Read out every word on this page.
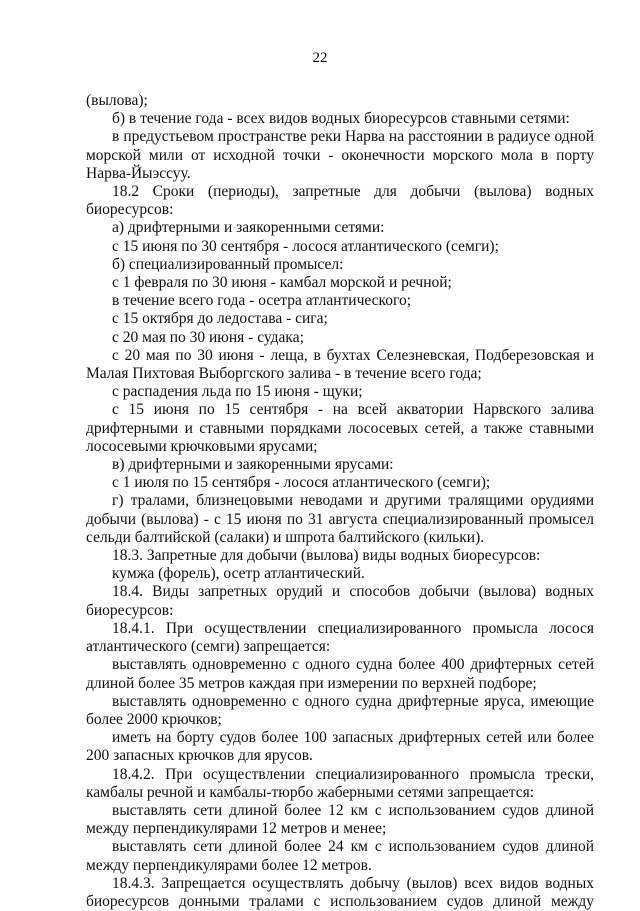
22

(вылова);

б) в течение года - всех видов водных биоресурсов ставными сетями:

в предустьевом пространстве реки Нарва на расстоянии в радиусе одной морской мили от исходной точки - оконечности морского мола в порту Нарва-Йыэссуу.

18.2 Сроки (периоды), запретные для добычи (вылова) водных биоресурсов:

а) дрифтерными и заякоренными сетями:

с 15 июня по 30 сентября - лосося атлантического (семги);

б) специализированный промысел:

с 1 февраля по 30 июня - камбал морской и речной;

в течение всего года - осетра атлантического;

с 15 октября до ледостава - сига;

с 20 мая по 30 июня - судака;

с 20 мая по 30 июня - леща, в бухтах Селезневская, Подберезовская и Малая Пихтовая Выборгского залива - в течение всего года;

с распадения льда по 15 июня - щуки;

с 15 июня по 15 сентября - на всей акватории Нарвского залива дрифтерными и ставными порядками лососевых сетей, а также ставными лососевыми крючковыми ярусами;

в) дрифтерными и заякоренными ярусами:

с 1 июля по 15 сентября - лосося атлантического (семги);

г) тралами, близнецовыми неводами и другими тралящими орудиями добычи (вылова) - с 15 июня по 31 августа специализированный промысел сельди балтийской (салаки) и шпрота балтийского (кильки).

18.3. Запретные для добычи (вылова) виды водных биоресурсов:

кумжа (форель), осетр атлантический.

18.4. Виды запретных орудий и способов добычи (вылова) водных биоресурсов:

18.4.1. При осуществлении специализированного промысла лосося атлантического (семги) запрещается:

выставлять одновременно с одного судна более 400 дрифтерных сетей длиной более 35 метров каждая при измерении по верхней подборе;

выставлять одновременно с одного судна дрифтерные яруса, имеющие более 2000 крючков;

иметь на борту судов более 100 запасных дрифтерных сетей или более 200 запасных крючков для ярусов.

18.4.2. При осуществлении специализированного промысла трески, камбалы речной и камбалы-тюрбо жаберными сетями запрещается:

выставлять сети длиной более 12 км с использованием судов длиной между перпендикулярами 12 метров и менее;

выставлять сети длиной более 24 км с использованием судов длиной между перпендикулярами более 12 метров.

18.4.3. Запрещается осуществлять добычу (вылов) всех видов водных биоресурсов донными тралами с использованием судов длиной между
